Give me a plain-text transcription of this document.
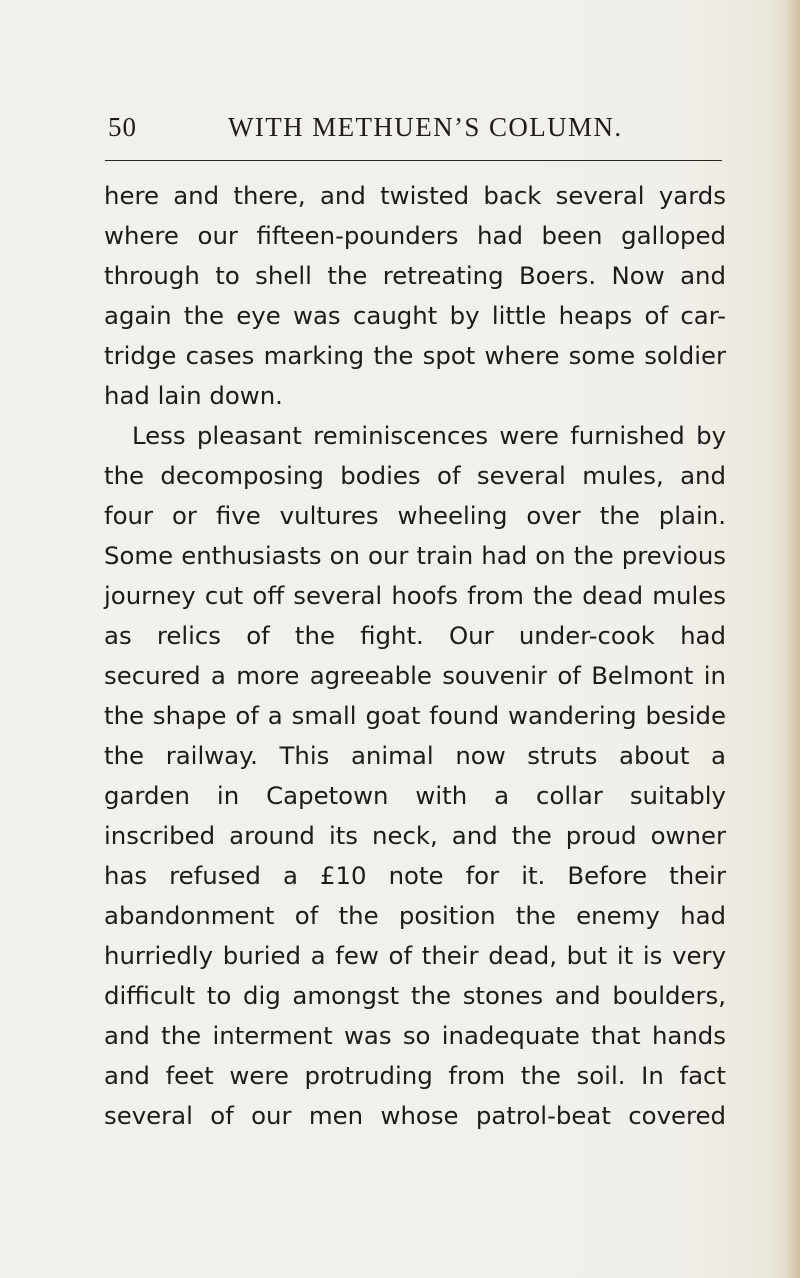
50	WITH METHUEN’S COLUMN.
here and there, and twisted back several yards
where our fifteen-pounders had been galloped
through to shell the retreating Boers. Now and
again the eye was caught by little heaps of car-
tridge cases marking the spot where some soldier
had lain down.
Less pleasant reminiscences were furnished by
the decomposing bodies of several mules, and
four or five vultures wheeling over the plain.
Some enthusiasts on our train had on the previous
journey cut off several hoofs from the dead mules
as relics of the fight. Our under-cook had
secured a more agreeable souvenir of Belmont in
the shape of a small goat found wandering beside
the railway. This animal now struts about a
garden in Capetown with a collar suitably
inscribed around its neck, and the proud owner
has refused a £10 note for it. Before their
abandonment of the position the enemy had
hurriedly buried a few of their dead, but it is very
difficult to dig amongst the stones and boulders,
and the interment was so inadequate that hands
and feet were protruding from the soil. In fact
several of our men whose patrol-beat covered
